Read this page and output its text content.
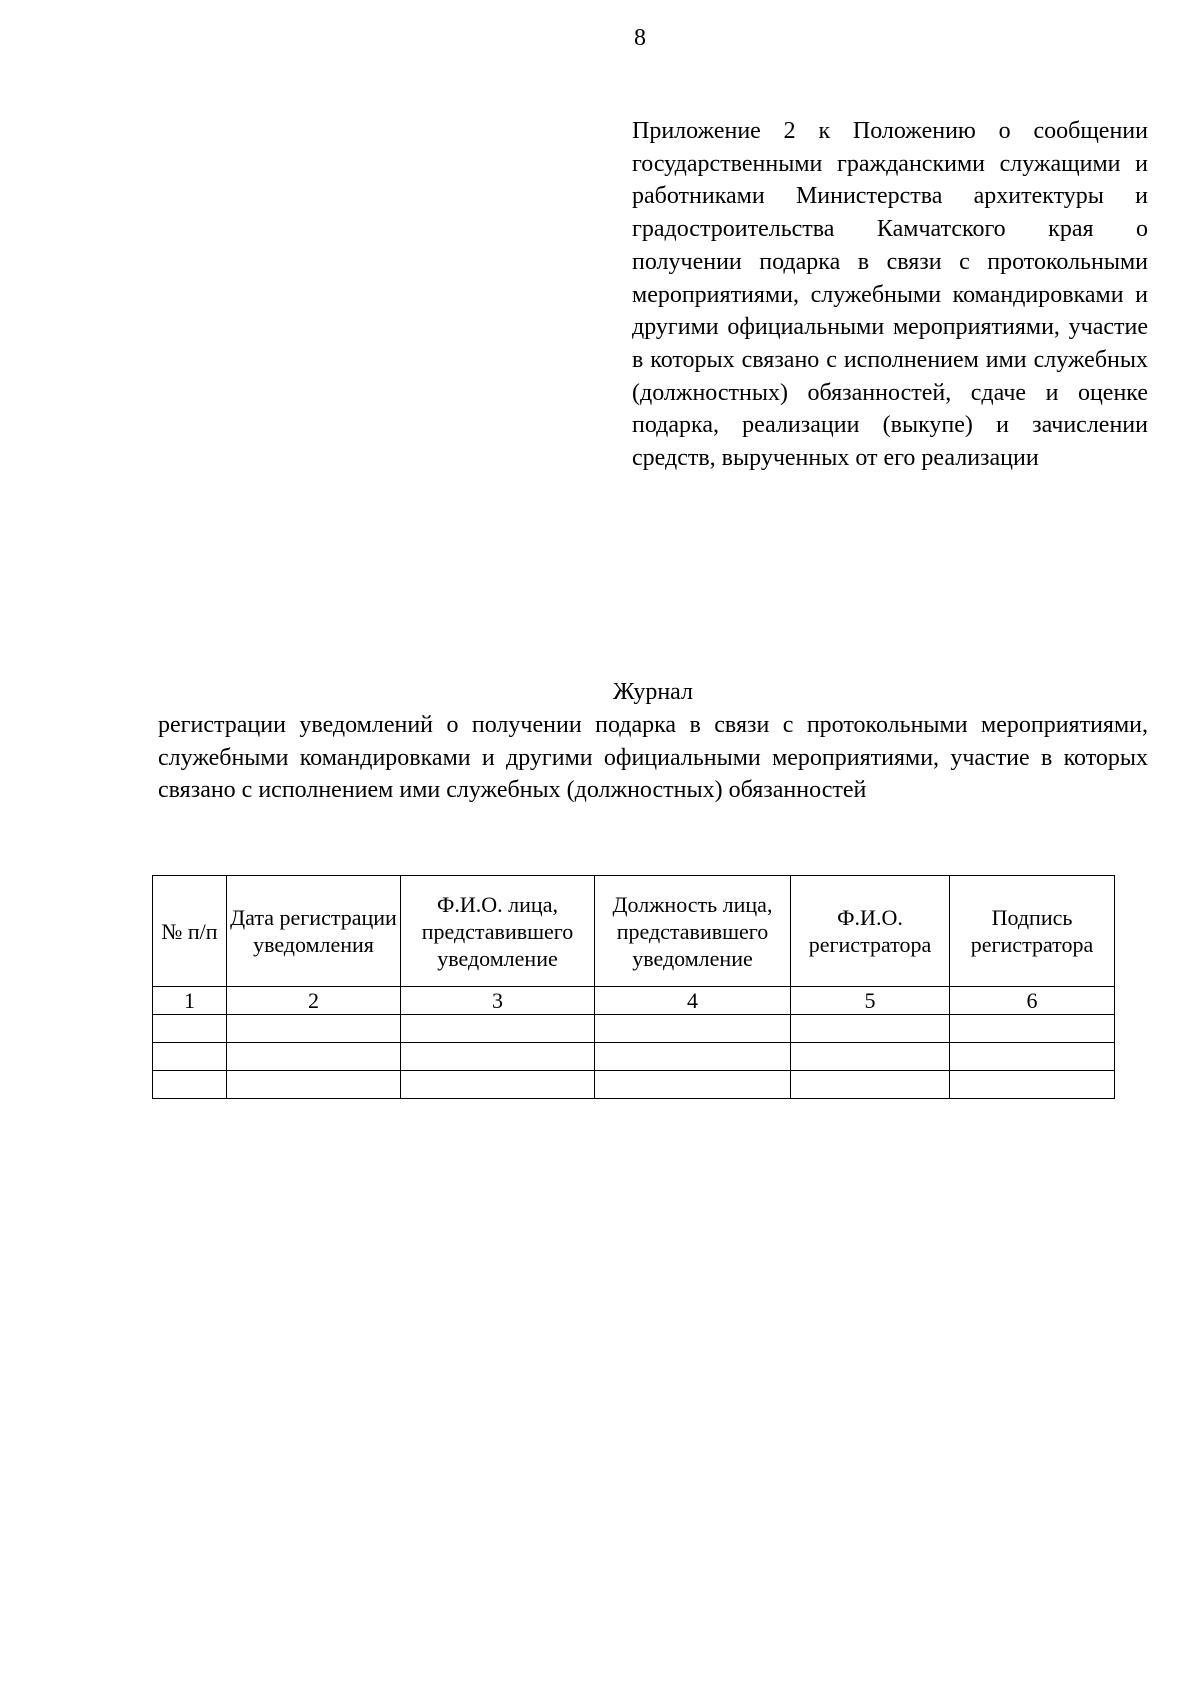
8
Приложение 2 к Положению о сообщении государственными гражданскими служащими и работниками Министерства архитектуры и градостроительства Камчатского края о получении подарка в связи с протокольными мероприятиями, служебными командировками и другими официальными мероприятиями, участие в которых связано с исполнением ими служебных (должностных) обязанностей, сдаче и оценке подарка, реализации (выкупе) и зачислении средств, вырученных от его реализации
Журнал
регистрации уведомлений о получении подарка в связи с протокольными мероприятиями, служебными командировками и другими официальными мероприятиями, участие в которых связано с исполнением ими служебных (должностных) обязанностей
№ п/п	Дата регистрации уведомления	Ф.И.О. лица, представившего уведомление	Должность лица, представившего уведомление	Ф.И.О. регистратора	Подпись регистратора
1	2	3	4	5	6
